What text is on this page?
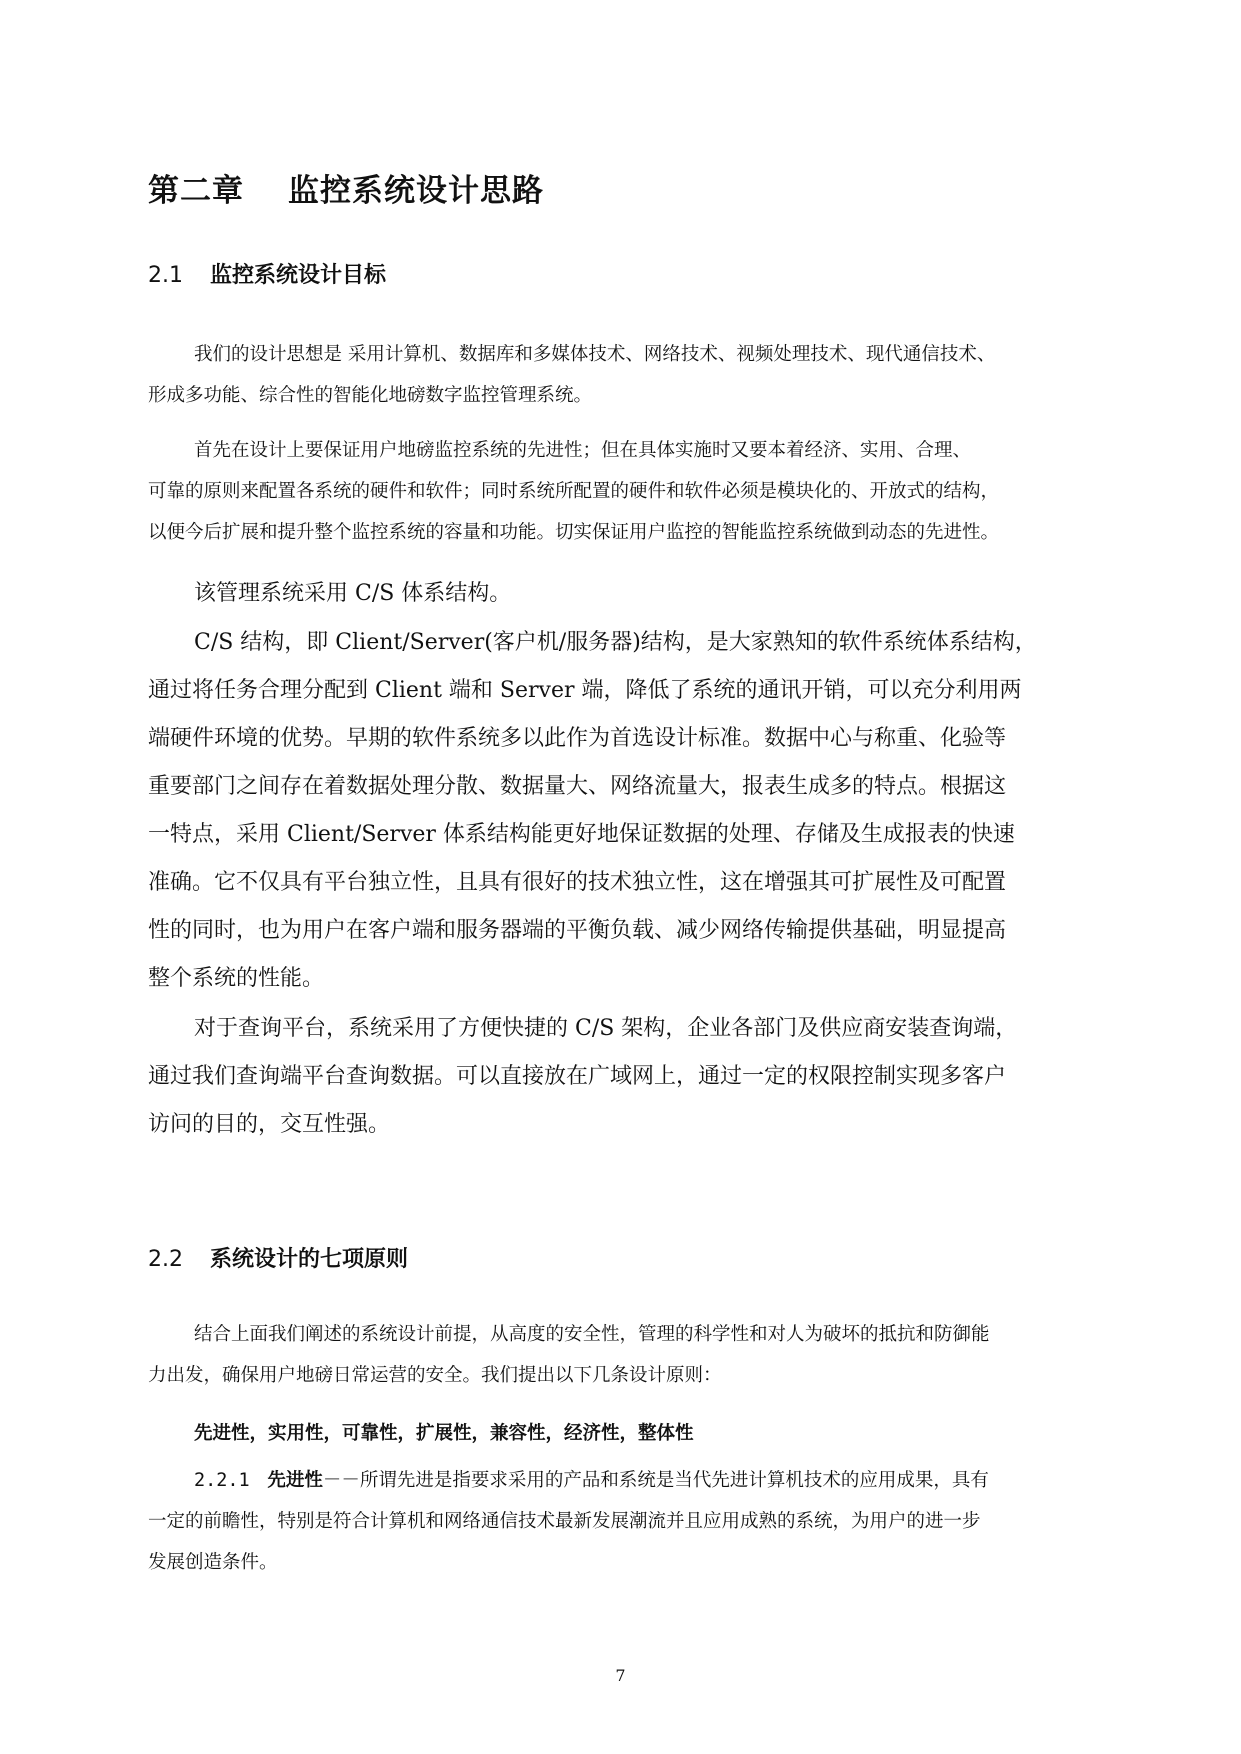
第二章 监控系统设计思路
2.1 监控系统设计目标
我们的设计思想是 采用计算机、数据库和多媒体技术、网络技术、视频处理技术、现代通信技术、
形成多功能、综合性的智能化地磅数字监控管理系统。
首先在设计上要保证用户地磅监控系统的先进性；但在具体实施时又要本着经济、实用、合理、
可靠的原则来配置各系统的硬件和软件；同时系统所配置的硬件和软件必须是模块化的、开放式的结构，
以便今后扩展和提升整个监控系统的容量和功能。切实保证用户监控的智能监控系统做到动态的先进性。
该管理系统采用 C/S 体系结构。
C/S 结构，即 Client/Server(客户机/服务器)结构，是大家熟知的软件系统体系结构，
通过将任务合理分配到 Client 端和 Server 端，降低了系统的通讯开销，可以充分利用两
端硬件环境的优势。早期的软件系统多以此作为首选设计标准。数据中心与称重、化验等
重要部门之间存在着数据处理分散、数据量大、网络流量大，报表生成多的特点。根据这
一特点，采用 Client/Server 体系结构能更好地保证数据的处理、存储及生成报表的快速
准确。它不仅具有平台独立性，且具有很好的技术独立性，这在增强其可扩展性及可配置
性的同时，也为用户在客户端和服务器端的平衡负载、减少网络传输提供基础，明显提高
整个系统的性能。
对于查询平台，系统采用了方便快捷的 C/S 架构，企业各部门及供应商安装查询端，
通过我们查询端平台查询数据。可以直接放在广域网上，通过一定的权限控制实现多客户
访问的目的，交互性强。
2.2 系统设计的七项原则
结合上面我们阐述的系统设计前提，从高度的安全性，管理的科学性和对人为破坏的抵抗和防御能
力出发，确保用户地磅日常运营的安全。我们提出以下几条设计原则：
先进性，实用性，可靠性，扩展性，兼容性，经济性，整体性
2.2.1 先进性－－所谓先进是指要求采用的产品和系统是当代先进计算机技术的应用成果，具有
一定的前瞻性，特别是符合计算机和网络通信技术最新发展潮流并且应用成熟的系统，为用户的进一步
发展创造条件。
7
